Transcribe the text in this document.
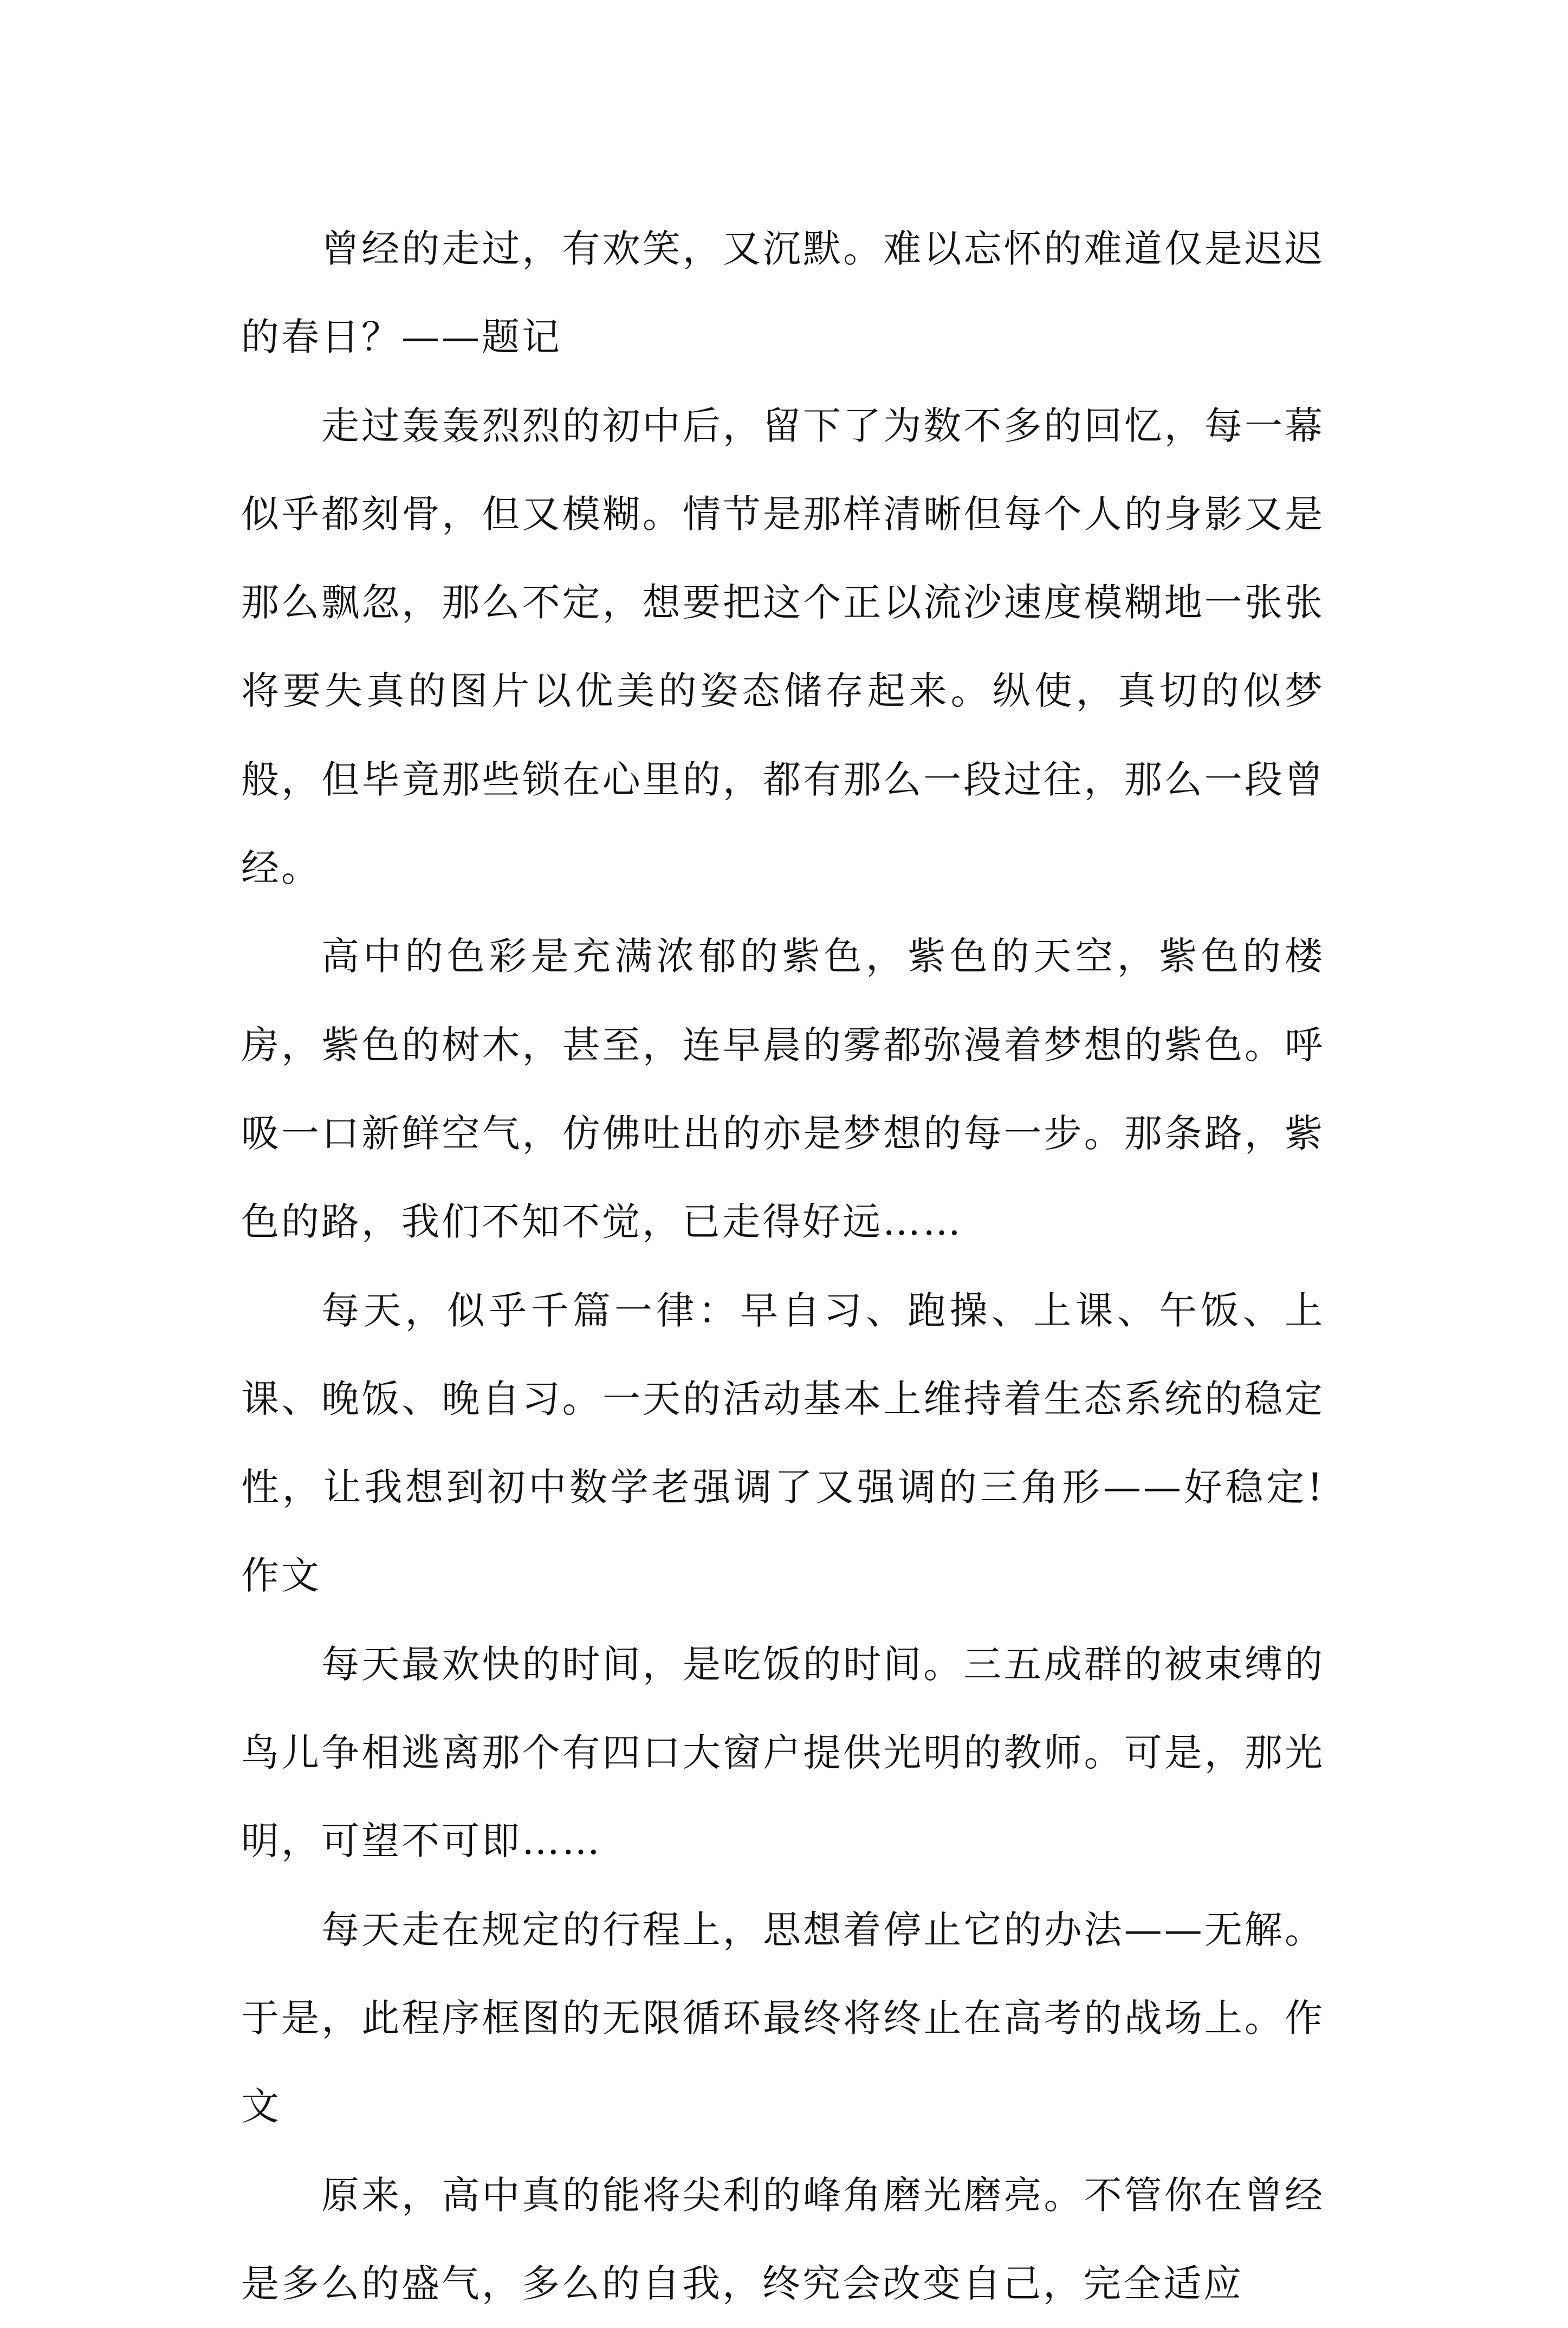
曾经的走过，有欢笑，又沉默。难以忘怀的难道仅是迟迟的春日？——题记

走过轰轰烈烈的初中后，留下了为数不多的回忆，每一幕似乎都刻骨，但又模糊。情节是那样清晰但每个人的身影又是那么飘忽，那么不定，想要把这个正以流沙速度模糊地一张张将要失真的图片以优美的姿态储存起来。纵使，真切的似梦般，但毕竟那些锁在心里的，都有那么一段过往，那么一段曾经。

高中的色彩是充满浓郁的紫色，紫色的天空，紫色的楼房，紫色的树木，甚至，连早晨的雾都弥漫着梦想的紫色。呼吸一口新鲜空气，仿佛吐出的亦是梦想的每一步。那条路，紫色的路，我们不知不觉，已走得好远……

每天，似乎千篇一律：早自习、跑操、上课、午饭、上课、晚饭、晚自习。一天的活动基本上维持着生态系统的稳定性，让我想到初中数学老强调了又强调的三角形——好稳定!作文

每天最欢快的时间，是吃饭的时间。三五成群的被束缚的鸟儿争相逃离那个有四口大窗户提供光明的教师。可是，那光明，可望不可即……

每天走在规定的行程上，思想着停止它的办法——无解。于是，此程序框图的无限循环最终将终止在高考的战场上。作文

原来，高中真的能将尖利的峰角磨光磨亮。不管你在曾经是多么的盛气，多么的自我，终究会改变自己，完全适应
